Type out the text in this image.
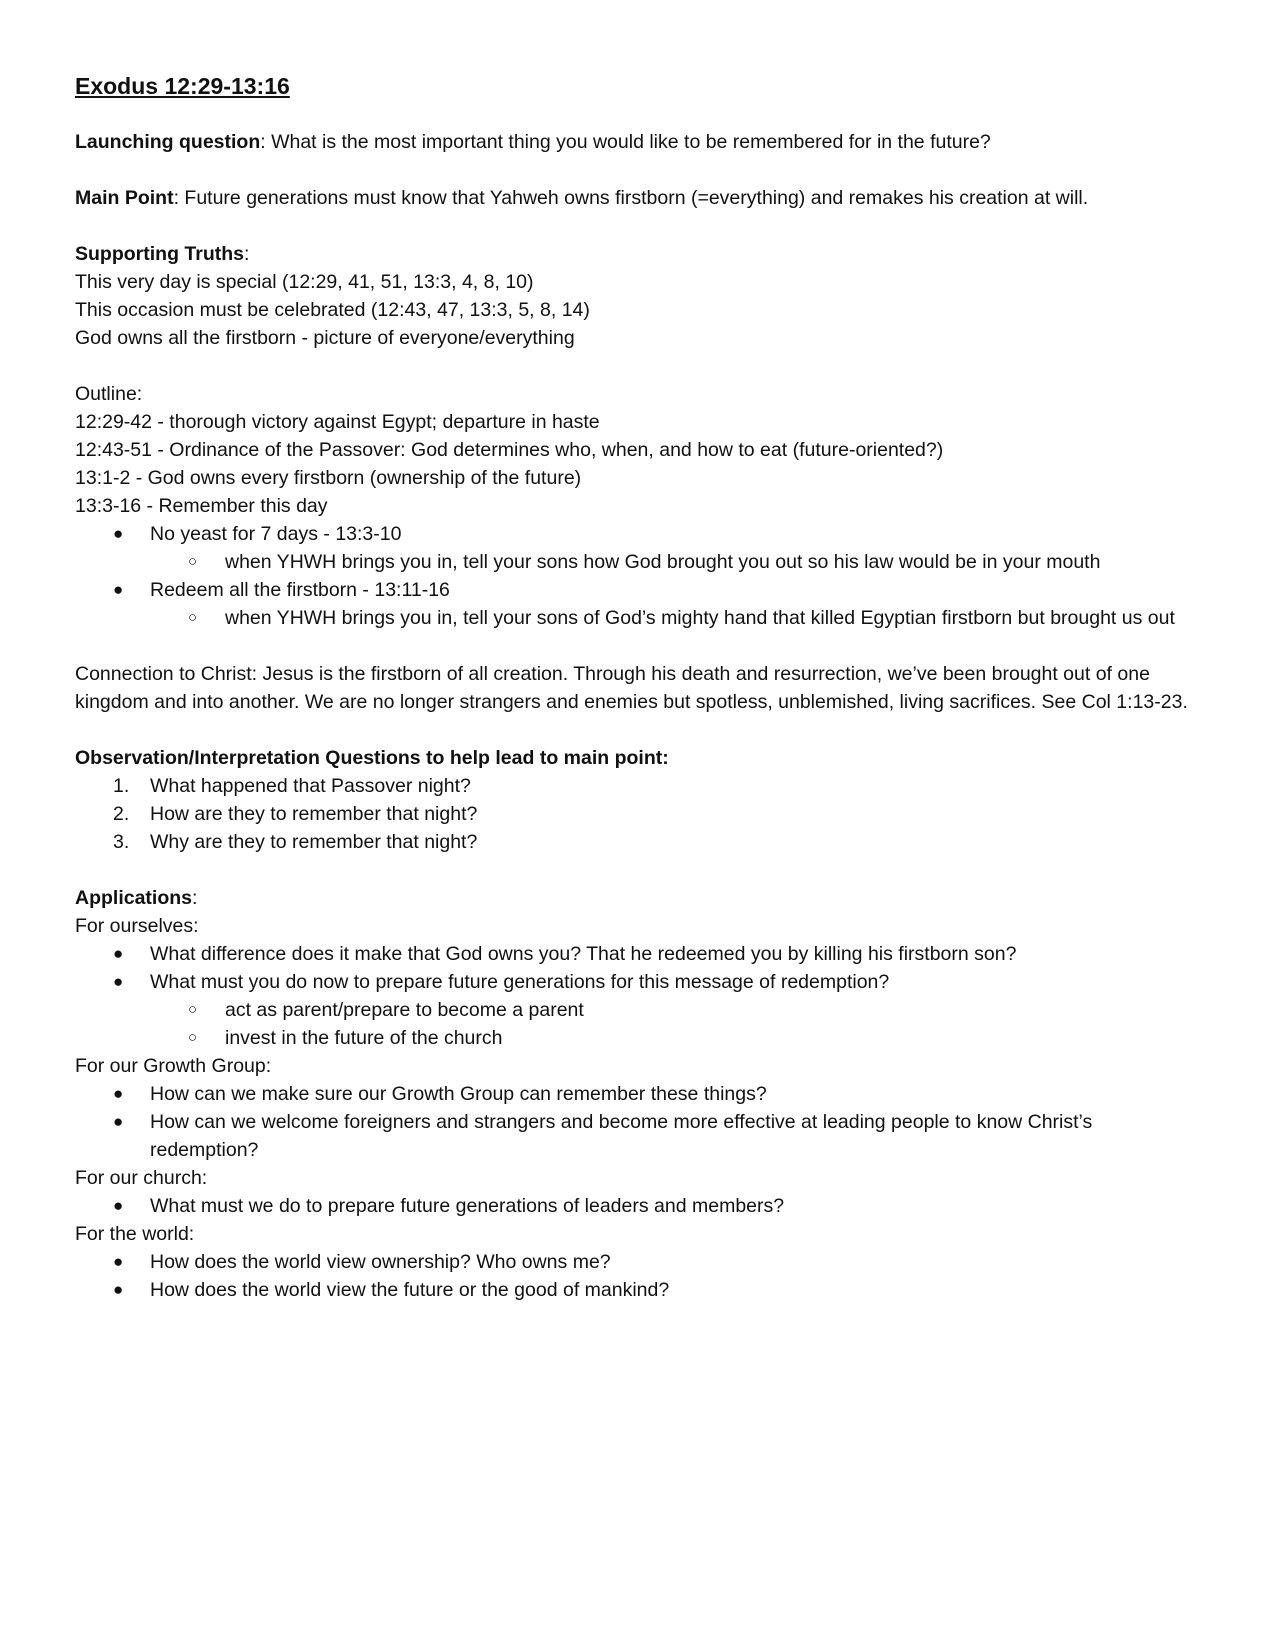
Exodus 12:29-13:16
Launching question: What is the most important thing you would like to be remembered for in the future?
Main Point: Future generations must know that Yahweh owns firstborn (=everything) and remakes his creation at will.
Supporting Truths:
This very day is special (12:29, 41, 51, 13:3, 4, 8, 10)
This occasion must be celebrated (12:43, 47, 13:3, 5, 8, 14)
God owns all the firstborn - picture of everyone/everything
Outline:
12:29-42 - thorough victory against Egypt; departure in haste
12:43-51 - Ordinance of the Passover: God determines who, when, and how to eat (future-oriented?)
13:1-2 - God owns every firstborn (ownership of the future)
13:3-16 - Remember this day
● No yeast for 7 days - 13:3-10
○ when YHWH brings you in, tell your sons how God brought you out so his law would be in your mouth
● Redeem all the firstborn - 13:11-16
○ when YHWH brings you in, tell your sons of God’s mighty hand that killed Egyptian firstborn but brought us out
Connection to Christ: Jesus is the firstborn of all creation. Through his death and resurrection, we’ve been brought out of one kingdom and into another. We are no longer strangers and enemies but spotless, unblemished, living sacrifices. See Col 1:13-23.
Observation/Interpretation Questions to help lead to main point:
1. What happened that Passover night?
2. How are they to remember that night?
3. Why are they to remember that night?
Applications:
For ourselves:
● What difference does it make that God owns you? That he redeemed you by killing his firstborn son?
● What must you do now to prepare future generations for this message of redemption?
○ act as parent/prepare to become a parent
○ invest in the future of the church
For our Growth Group:
● How can we make sure our Growth Group can remember these things?
● How can we welcome foreigners and strangers and become more effective at leading people to know Christ’s redemption?
For our church:
● What must we do to prepare future generations of leaders and members?
For the world:
● How does the world view ownership? Who owns me?
● How does the world view the future or the good of mankind?
